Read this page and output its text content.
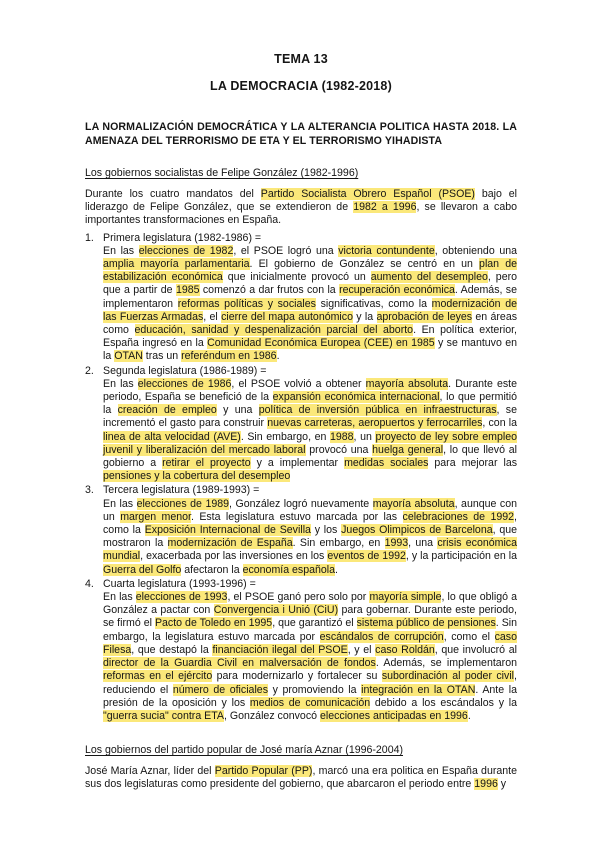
TEMA 13
LA DEMOCRACIA (1982-2018)

LA NORMALIZACIÓN DEMOCRÁTICA Y LA ALTERANCIA POLITICA HASTA 2018. LA AMENAZA DEL TERRORISMO DE ETA Y EL TERRORISMO YIHADISTA

Los gobiernos socialistas de Felipe González (1982-1996)

Durante los cuatro mandatos del Partido Socialista Obrero Español (PSOE) bajo el liderazgo de Felipe González, que se extendieron de 1982 a 1996, se llevaron a cabo importantes transformaciones en España.

1. Primera legislatura (1982-1986) =

En las elecciones de 1982, el PSOE logró una victoria contundente, obteniendo una amplia mayoría parlamentaria. El gobierno de González se centró en un plan de estabilización económica que inicialmente provocó un aumento del desempleo, pero que a partir de 1985 comenzó a dar frutos con la recuperación económica. Además, se implementaron reformas políticas y sociales significativas, como la modernización de las Fuerzas Armadas, el cierre del mapa autonómico y la aprobación de leyes en áreas como educación, sanidad y despenalización parcial del aborto. En política exterior, España ingresó en la Comunidad Económica Europea (CEE) en 1985 y se mantuvo en la OTAN tras un referéndum en 1986.

2. Segunda legislatura (1986-1989) =

En las elecciones de 1986, el PSOE volvió a obtener mayoría absoluta. Durante este periodo, España se benefició de la expansión económica internacional, lo que permitió la creación de empleo y una política de inversión pública en infraestructuras, se incrementó el gasto para construir nuevas carreteras, aeropuertos y ferrocarriles, con la linea de alta velocidad (AVE). Sin embargo, en 1988, un proyecto de ley sobre empleo juvenil y liberalización del mercado laboral provocó una huelga general, lo que llevó al gobierno a retirar el proyecto y a implementar medidas sociales para mejorar las pensiones y la cobertura del desempleo

3. Tercera legislatura (1989-1993) =

En las elecciones de 1989, González logró nuevamente mayoría absoluta, aunque con un margen menor. Esta legislatura estuvo marcada por las celebraciones de 1992, como la Exposición Internacional de Sevilla y los Juegos Olimpicos de Barcelona, que mostraron la modernización de España. Sin embargo, en 1993, una crisis económica mundial, exacerbada por las inversiones en los eventos de 1992, y la participación en la Guerra del Golfo afectaron la economía española.

4. Cuarta legislatura (1993-1996) =

En las elecciones de 1993, el PSOE ganó pero solo por mayoría simple, lo que obligó a González a pactar con Convergencia i Unió (CiU) para gobernar. Durante este periodo, se firmó el Pacto de Toledo en 1995, que garantizó el sistema público de pensiones. Sin embargo, la legislatura estuvo marcada por escándalos de corrupción, como el caso Filesa, que destapó la financiación ilegal del PSOE, y el caso Roldán, que involucró al director de la Guardia Civil en malversación de fondos. Además, se implementaron reformas en el ejército para modernizarlo y fortalecer su subordinación al poder civil, reduciendo el número de oficiales y promoviendo la integración en la OTAN. Ante la presión de la oposición y los medios de comunicación debido a los escándalos y la "guerra sucia" contra ETA, González convocó elecciones anticipadas en 1996.

Los gobiernos del partido popular de José maría Aznar (1996-2004)

José María Aznar, líder del Partido Popular (PP), marcó una era politica en España durante sus dos legislaturas como presidente del gobierno, que abarcaron el periodo entre 1996 y
